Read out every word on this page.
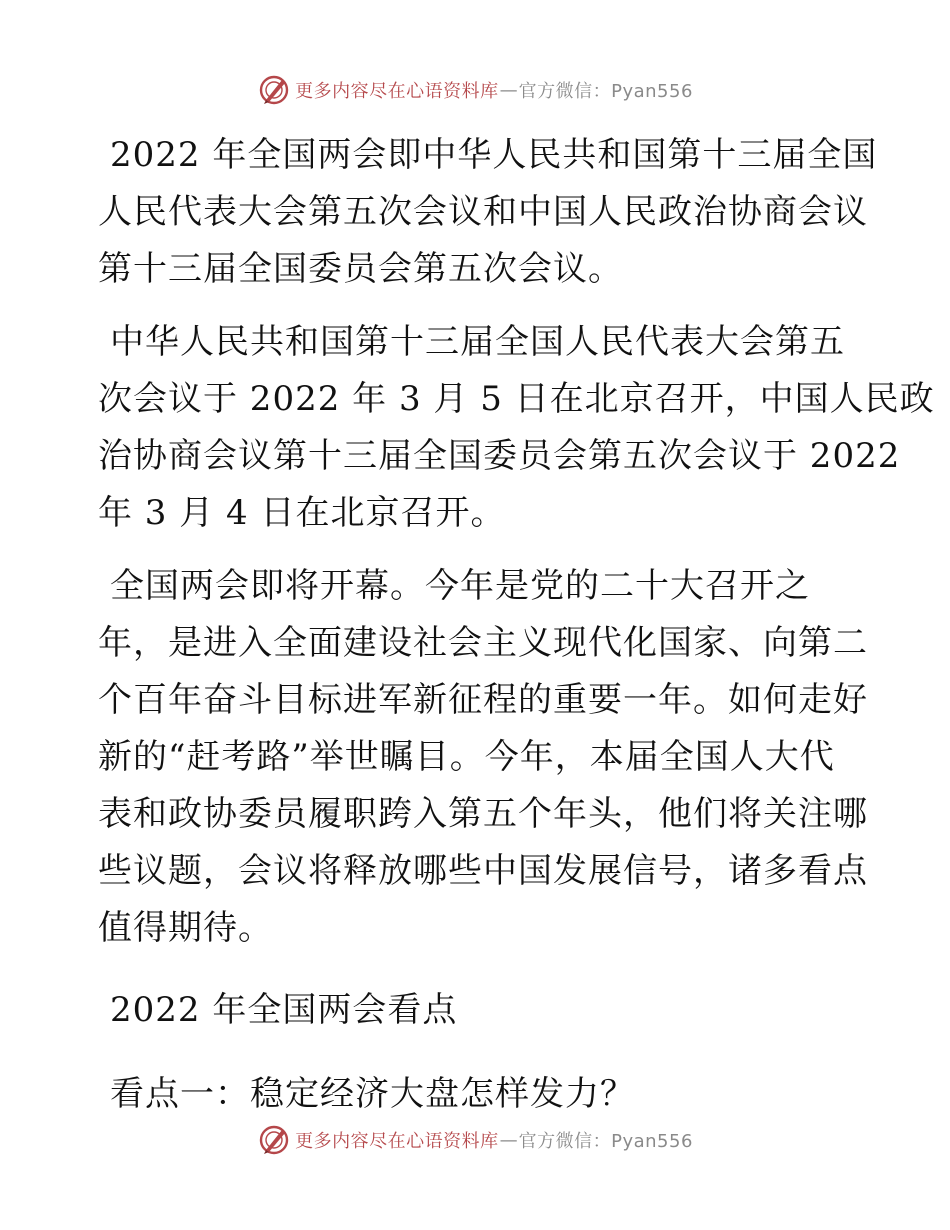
更多内容尽在心语资料库 — 官方微信：Pyan556
2022 年全国两会即中华人民共和国第十三届全国
人民代表大会第五次会议和中国人民政治协商会议
第十三届全国委员会第五次会议。
中华人民共和国第十三届全国人民代表大会第五
次会议于 2022 年 3 月 5 日在北京召开，中国人民政
治协商会议第十三届全国委员会第五次会议于 2022
年 3 月 4 日在北京召开。
全国两会即将开幕。今年是党的二十大召开之
年，是进入全面建设社会主义现代化国家、向第二
个百年奋斗目标进军新征程的重要一年。如何走好
新的“赶考路”举世瞩目。今年，本届全国人大代
表和政协委员履职跨入第五个年头，他们将关注哪
些议题，会议将释放哪些中国发展信号，诸多看点
值得期待。
2022 年全国两会看点
看点一：稳定经济大盘怎样发力？
更多内容尽在心语资料库 — 官方微信：Pyan556
